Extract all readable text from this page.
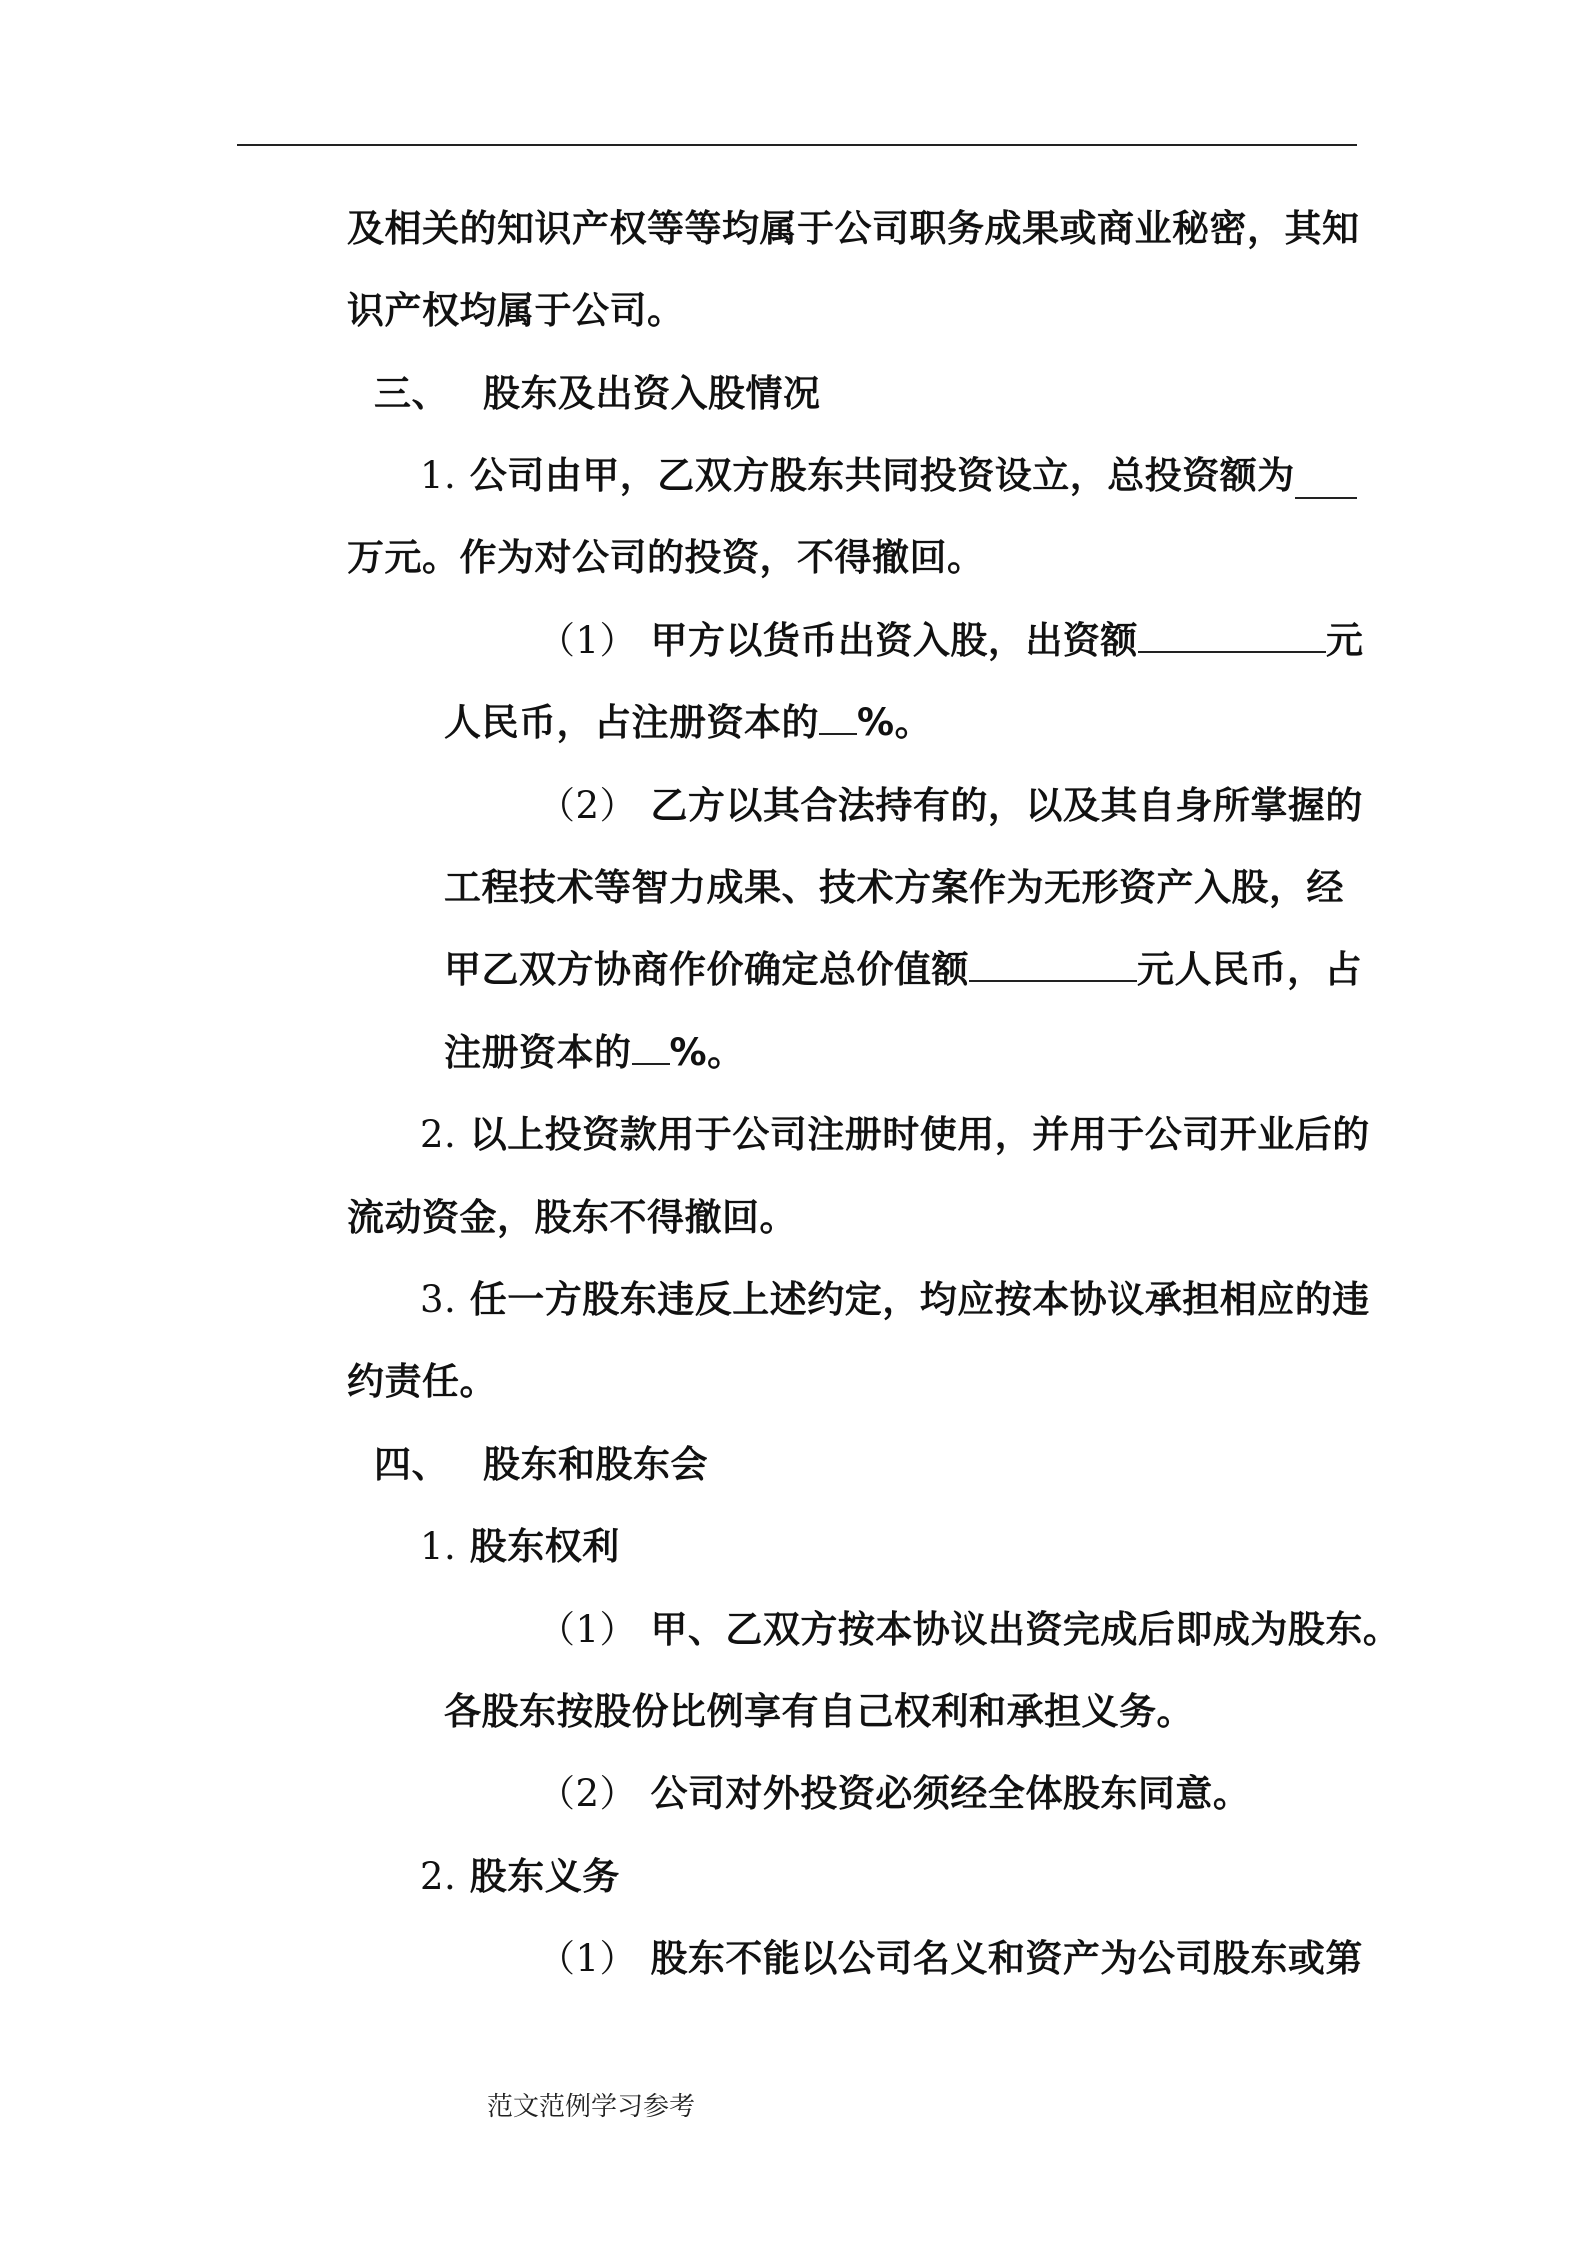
及相关的知识产权等等均属于公司职务成果或商业秘密，其知
识产权均属于公司。
三、 股东及出资入股情况
1. 公司由甲，乙双方股东共同投资设立，总投资额为
万元。作为对公司的投资，不得撤回。
（1） 甲方以货币出资入股，出资额	元
人民币，占注册资本的 %。
（2） 乙方以其合法持有的，以及其自身所掌握的
工程技术等智力成果、技术方案作为无形资产入股，经
甲乙双方协商作价确定总价值额	元人民币，占
注册资本的 %。
2. 以上投资款用于公司注册时使用，并用于公司开业后的
流动资金，股东不得撤回。
3. 任一方股东违反上述约定，均应按本协议承担相应的违
约责任。
四、 股东和股东会
1. 股东权利
（1） 甲、乙双方按本协议出资完成后即成为股东。
各股东按股份比例享有自己权利和承担义务。
（2） 公司对外投资必须经全体股东同意。
2. 股东义务
（1） 股东不能以公司名义和资产为公司股东或第
范文范例学习参考
